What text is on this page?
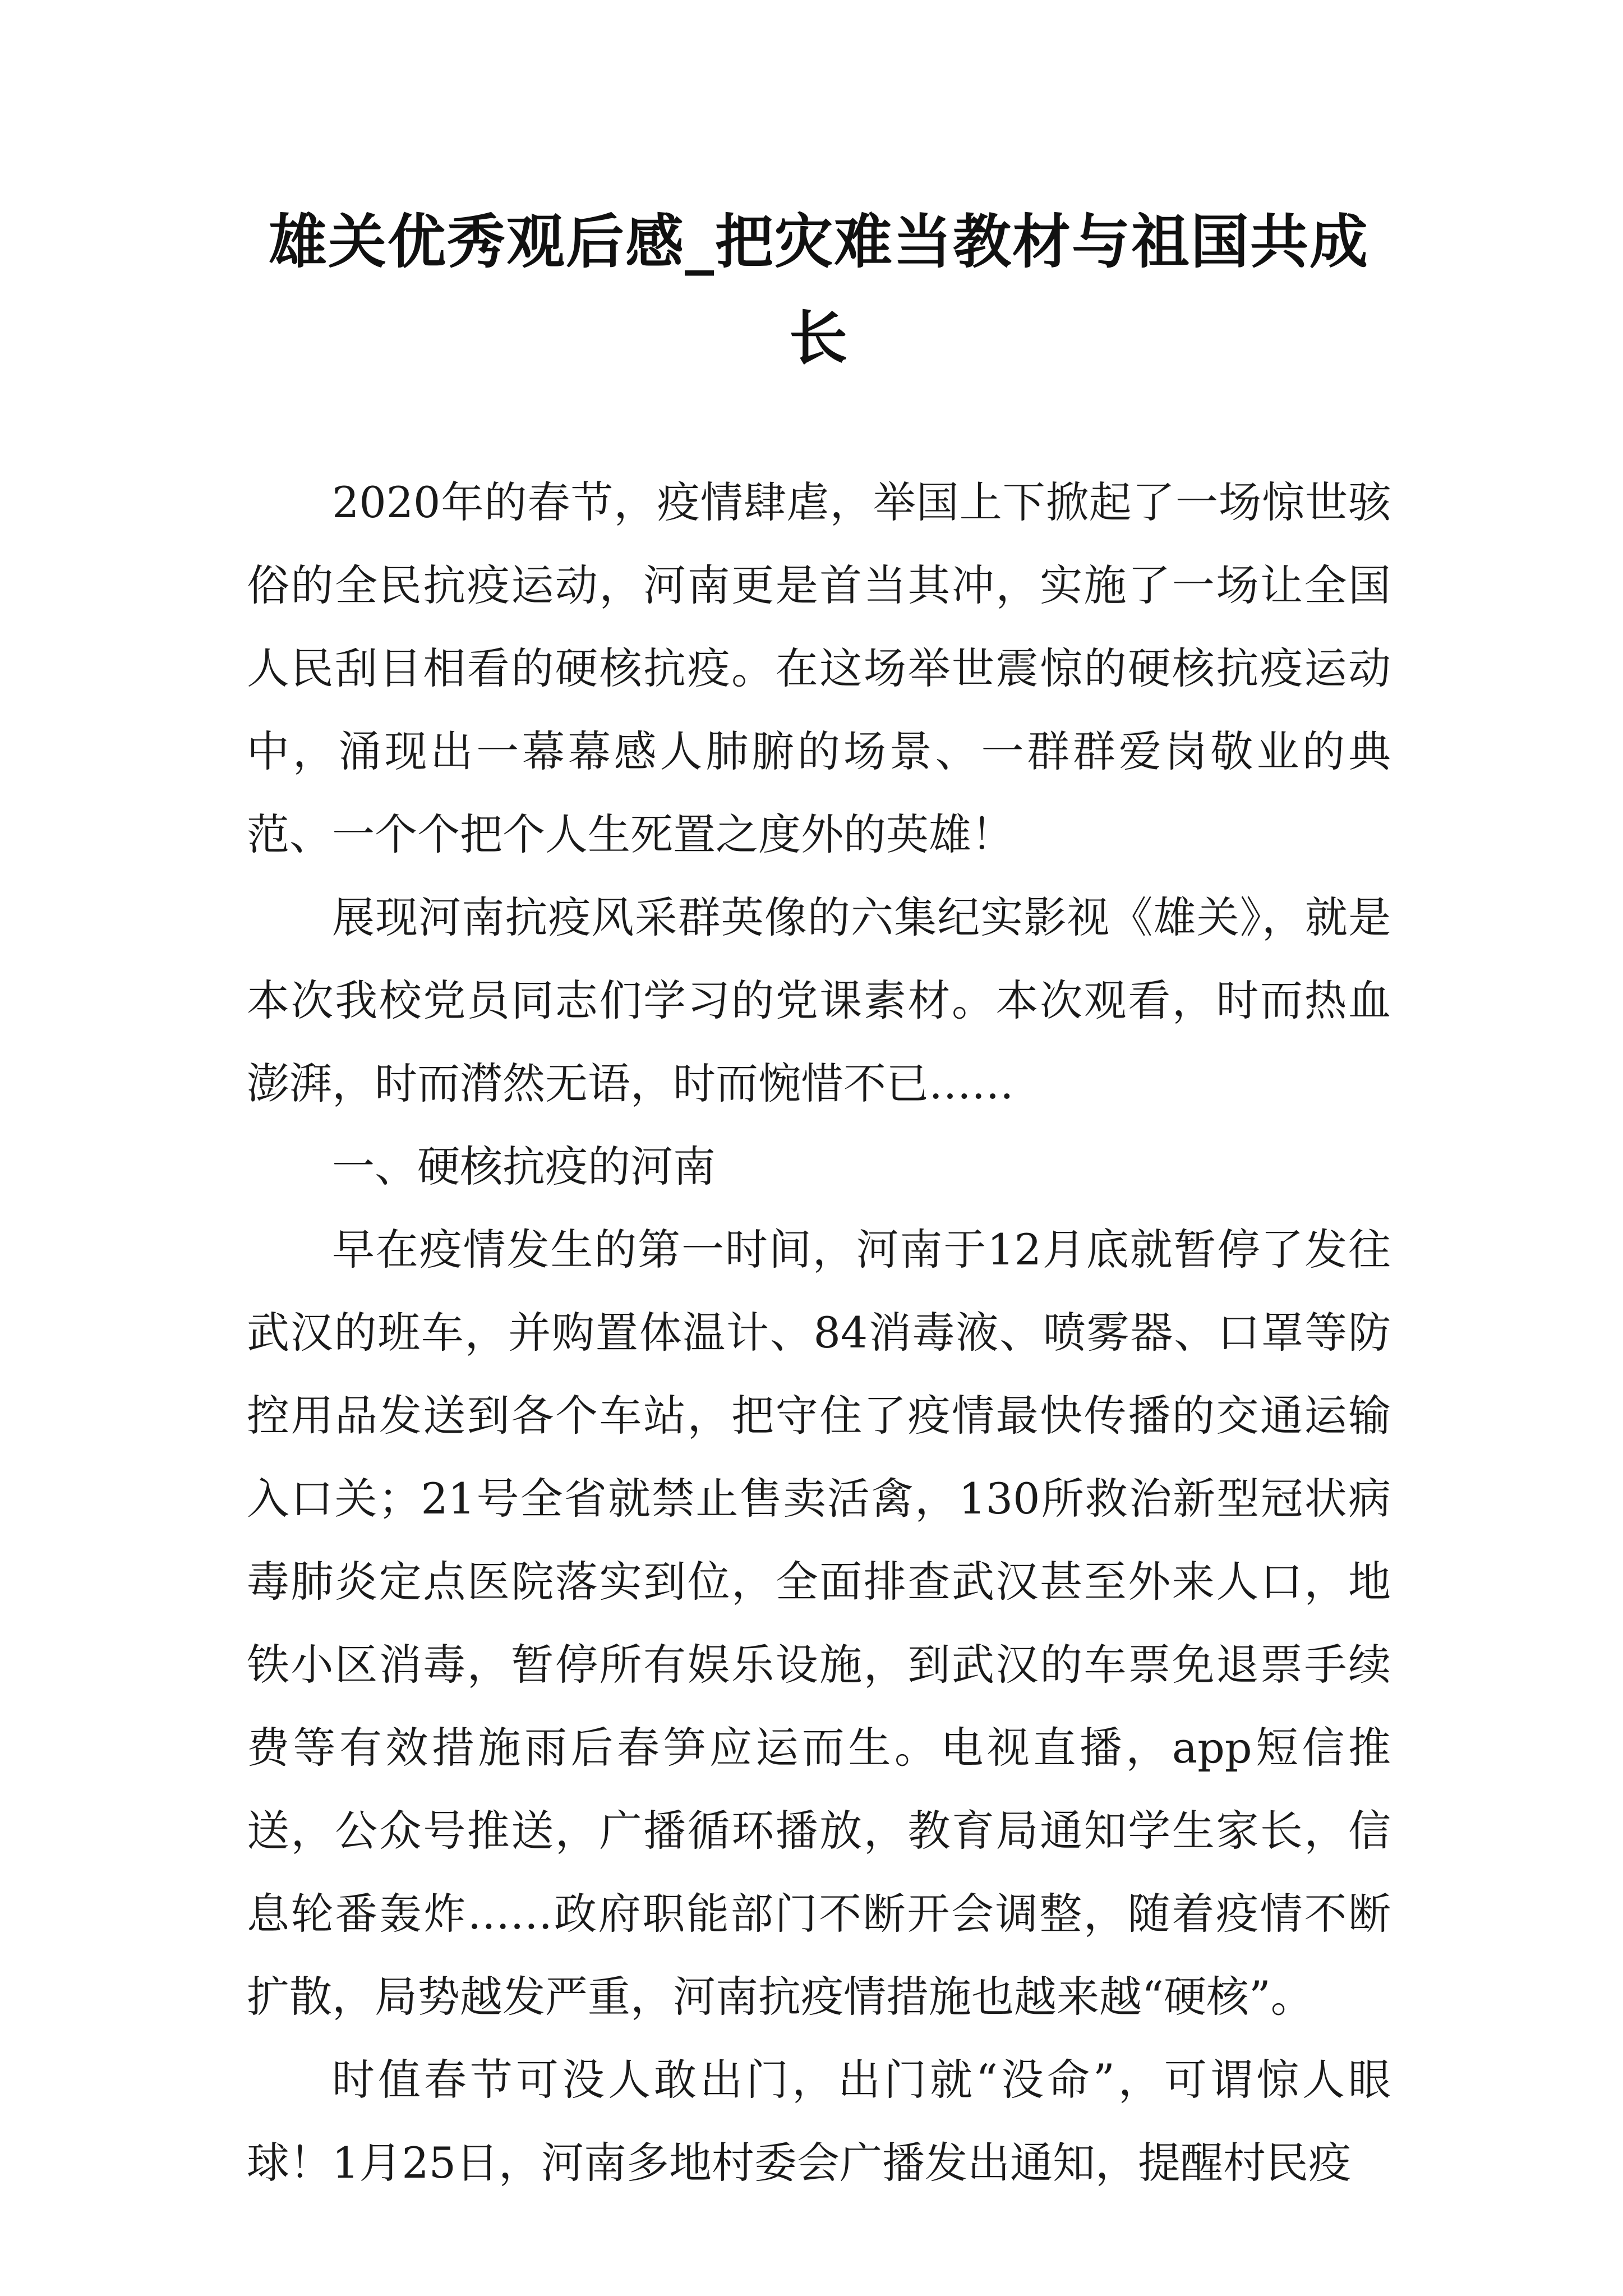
雄关优秀观后感_把灾难当教材与祖国共成长

2020年的春节，疫情肆虐，举国上下掀起了一场惊世骇俗的全民抗疫运动，河南更是首当其冲，实施了一场让全国人民刮目相看的硬核抗疫。在这场举世震惊的硬核抗疫运动中，涌现出一幕幕感人肺腑的场景、一群群爱岗敬业的典范、一个个把个人生死置之度外的英雄！

展现河南抗疫风采群英像的六集纪实影视《雄关》，就是本次我校党员同志们学习的党课素材。本次观看，时而热血澎湃，时而潸然无语，时而惋惜不已……

一、硬核抗疫的河南

早在疫情发生的第一时间，河南于12月底就暂停了发往武汉的班车，并购置体温计、84消毒液、喷雾器、口罩等防控用品发送到各个车站，把守住了疫情最快传播的交通运输入口关；21号全省就禁止售卖活禽，130所救治新型冠状病毒肺炎定点医院落实到位，全面排查武汉甚至外来人口，地铁小区消毒，暂停所有娱乐设施，到武汉的车票免退票手续费等有效措施雨后春笋应运而生。电视直播，app短信推送，公众号推送，广播循环播放，教育局通知学生家长，信息轮番轰炸……政府职能部门不断开会调整，随着疫情不断扩散，局势越发严重，河南抗疫情措施也越来越“硬核”。

时值春节可没人敢出门，出门就“没命”，可谓惊人眼球！1月25日，河南多地村委会广播发出通知，提醒村民疫
